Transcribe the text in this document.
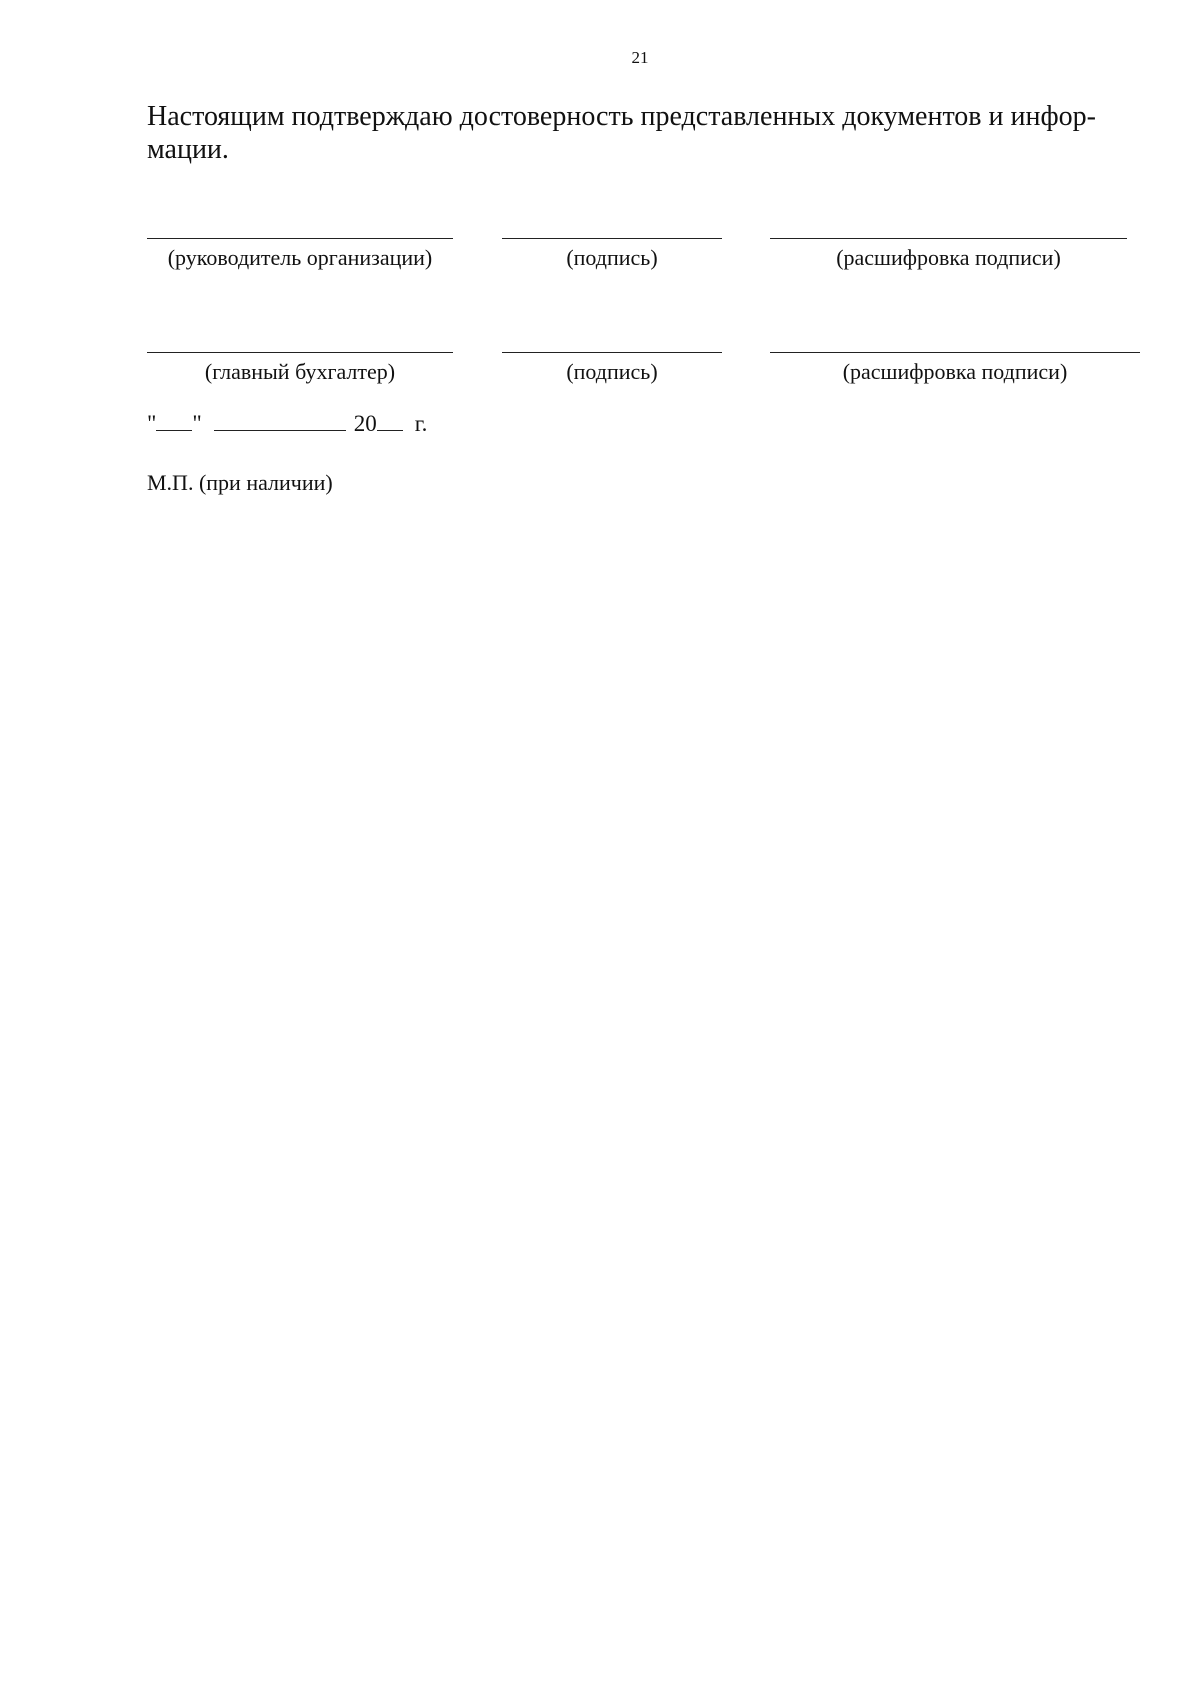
21
Настоящим подтверждаю достоверность представленных документов и инфор-
мации.
(руководитель организации)	(подпись)	(расшифровка подписи)
(главный бухгалтер)	(подпись)	(расшифровка подписи)
" "	20 г.
М.П. (при наличии)
